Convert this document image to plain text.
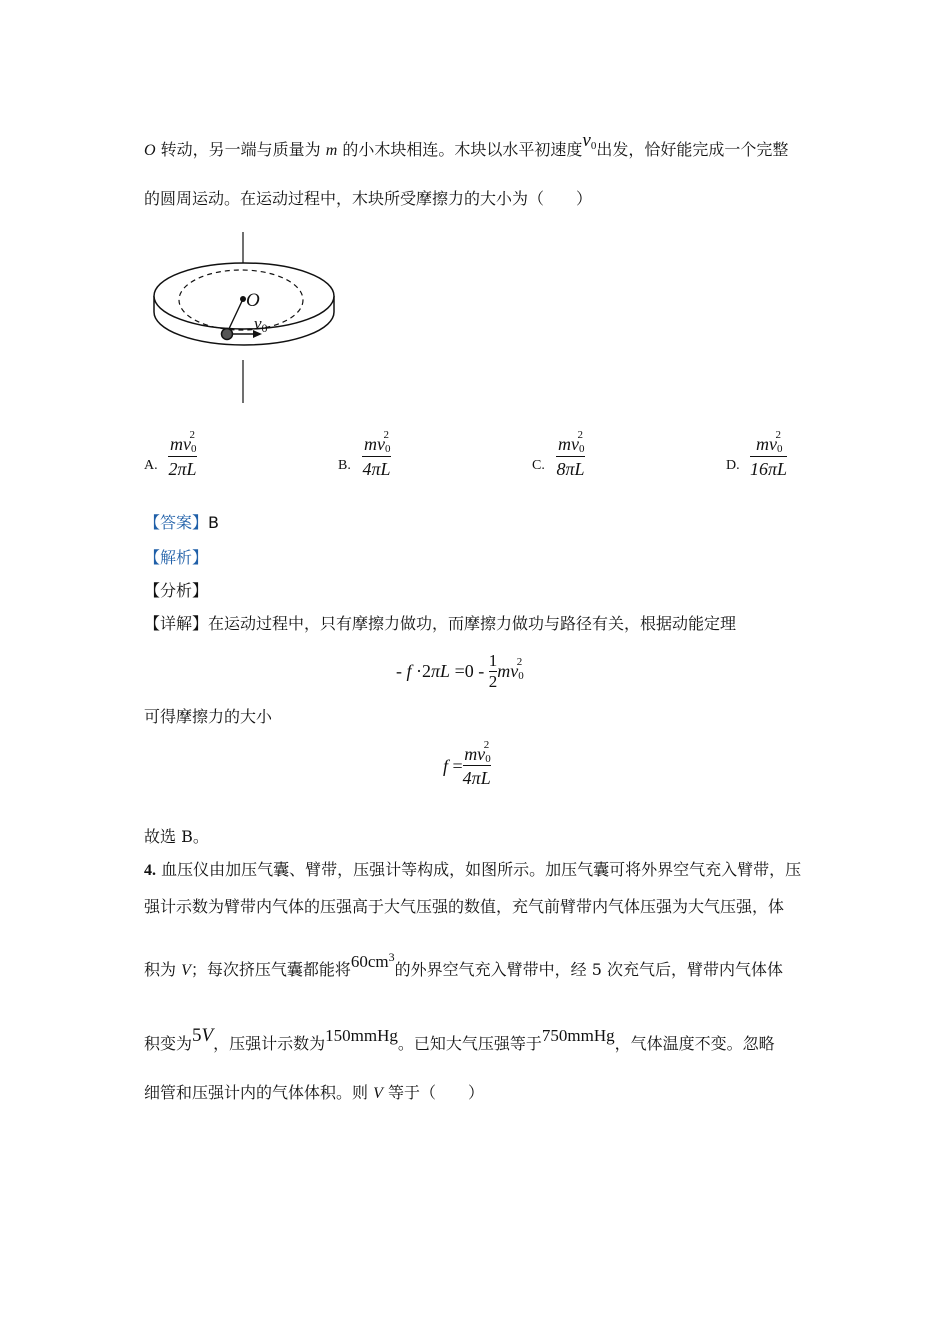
O 转动，另一端与质量为 m 的小木块相连。木块以水平初速度v0出发，恰好能完成一个完整
的圆周运动。在运动过程中，木块所受摩擦力的大小为（　　）
O
v0
A.
mv 0
2
2πL	B.
mv 0
2
4πL	C.
mv 0
2
8πL	D.
mv 0
2
16πL
【答案】B
【解析】
【分析】
【详解】在运动过程中，只有摩擦力做功，而摩擦力做功与路径有关，根据动能定理
-
f
·2 π L
=0 -

1
2
mv 0
2
可得摩擦力的大小
f
=
mv 0
2
4πL
故选 B。
4. 血压仪由加压气囊、臂带，压强计等构成，如图所示。加压气囊可将外界空气充入臂带，压
强计示数为臂带内气体的压强高于大气压强的数值，充气前臂带内气体压强为大气压强，体
积为 V；每次挤压气囊都能将$60cm^3$的外界空气充入臂带中，经 5 次充气后，臂带内气体体
积变为5V，压强计示数为150mmHg。已知大气压强等于750mmHg，气体温度不变。忽略
细管和压强计内的气体体积。则 V 等于（　　）
